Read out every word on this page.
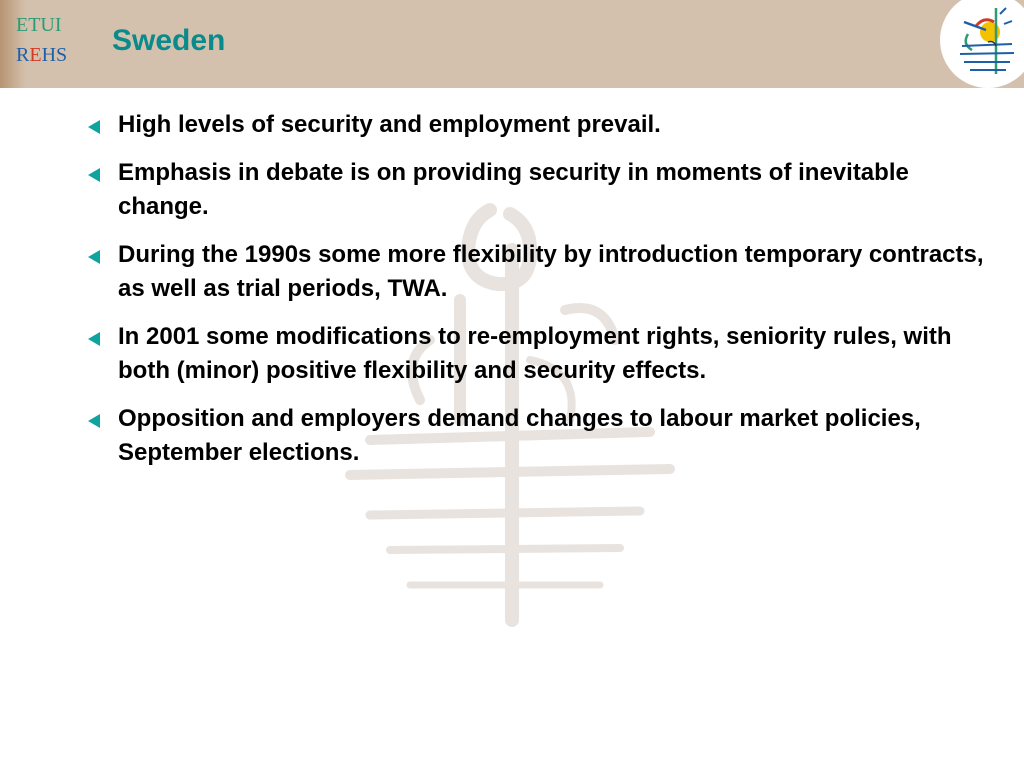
ETUI
REHS	Sweden
High levels of security and employment prevail.
Emphasis in debate is on providing security in moments of inevitable change.
During the 1990s some more flexibility by introduction temporary contracts, as well as trial periods, TWA.
In 2001 some modifications to re-employment rights, seniority rules, with both (minor) positive flexibility and security effects.
Opposition and employers demand changes to labour market policies, September elections.
